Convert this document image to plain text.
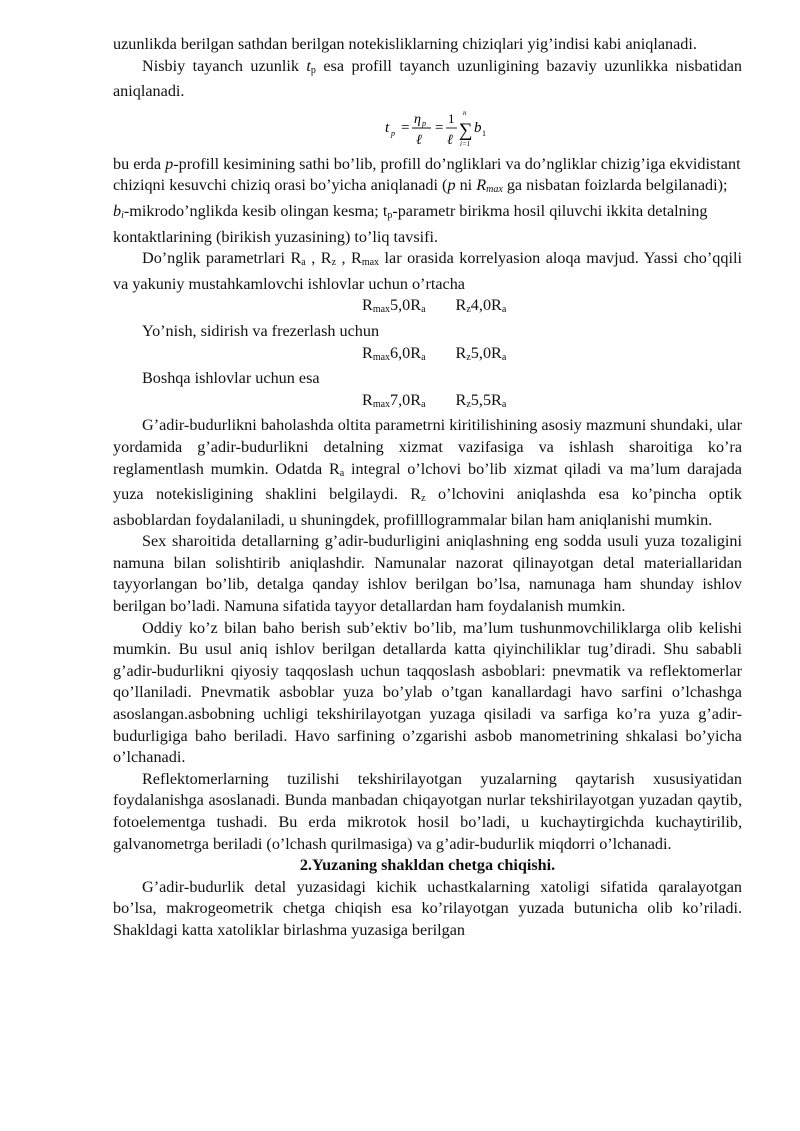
uzunlikda berilgan sathdan berilgan notekisliklarning chiziqlari yig’indisi kabi aniqlanadi.

Nisbiy tayanch uzunlik $t_p$ esa profill tayanch uzunligining bazaviy uzunlikka nisbatidan aniqlanadi.

t p =
η p
ℓ
=
1
ℓ ∑
n
i=1
b 1

bu erda p-profill kesimining sathi bo’lib, profill do’ngliklari va do’ngliklar chizig’iga ekvidistant chiziqni kesuvchi chiziq orasi bo’yicha aniqlanadi (p ni $R_{max}$ ga nisbatan foizlarda belgilanadi); $b_i-mikrodo’nglikda$ kesib olingan kesma; $t_p$-parametr birikma hosil qiluvchi ikkita detalning kontaktlarining (birikish yuzasining) to’liq tavsifi.

Do’nglik parametrlari $R_a$ , $R_z$ , $R_{max}$ lar orasida korrelyasion aloqa mavjud. Yassi cho’qqili va yakuniy mustahkamlovchi ishlovlar uchun o’rtacha

$R_{max}5,0R_a$ $R_z4,0R_a$

Yo’nish, sidirish va frezerlash uchun

$R_{max}6,0R_a$ $R_z5,0R_a$

Boshqa ishlovlar uchun esa

$R_{max}7,0R_a$ $R_z5,5R_a$

G’adir-budurlikni baholashda oltita parametrni kiritilishining asosiy mazmuni shundaki, ular yordamida g’adir-budurlikni detalning xizmat vazifasiga va ishlash sharoitiga ko’ra reglamentlash mumkin. Odatda $R_a$ integral o’lchovi bo’lib xizmat qiladi va ma’lum darajada yuza notekisligining shaklini belgilaydi. $R_z$ o’lchovini aniqlashda esa ko’pincha optik asboblardan foydalaniladi, u shuningdek, profilllogrammalar bilan ham aniqlanishi mumkin.

Sex sharoitida detallarning g’adir-budurligini aniqlashning eng sodda usuli yuza tozaligini namuna bilan solishtirib aniqlashdir. Namunalar nazorat qilinayotgan detal materiallaridan tayyorlangan bo’lib, detalga qanday ishlov berilgan bo’lsa, namunaga ham shunday ishlov berilgan bo’ladi. Namuna sifatida tayyor detallardan ham foydalanish mumkin.

Oddiy ko’z bilan baho berish sub’ektiv bo’lib, ma’lum tushunmovchiliklarga olib kelishi mumkin. Bu usul aniq ishlov berilgan detallarda katta qiyinchiliklar tug’diradi. Shu sababli g’adir-budurlikni qiyosiy taqqoslash uchun taqqoslash asboblari: pnevmatik va reflektomerlar qo’llaniladi. Pnevmatik asboblar yuza bo’ylab o’tgan kanallardagi havo sarfini o’lchashga asoslangan.asbobning uchligi tekshirilayotgan yuzaga qisiladi va sarfiga ko’ra yuza g’adir-budurligiga baho beriladi. Havo sarfining o’zgarishi asbob manometrining shkalasi bo’yicha o’lchanadi.

Reflektomerlarning tuzilishi tekshirilayotgan yuzalarning qaytarish xususiyatidan foydalanishga asoslanadi. Bunda manbadan chiqayotgan nurlar tekshirilayotgan yuzadan qaytib, fotoelementga tushadi. Bu erda mikrotok hosil bo’ladi, u kuchaytirgichda kuchaytirilib, galvanometrga beriladi (o’lchash qurilmasiga) va g’adir-budurlik miqdorri o’lchanadi.

2.Yuzaning shakldan chetga chiqishi.

G’adir-budurlik detal yuzasidagi kichik uchastkalarning xatoligi sifatida qaralayotgan bo’lsa, makrogeometrik chetga chiqish esa ko’rilayotgan yuzada butunicha olib ko’riladi. Shakldagi katta xatoliklar birlashma yuzasiga berilgan
